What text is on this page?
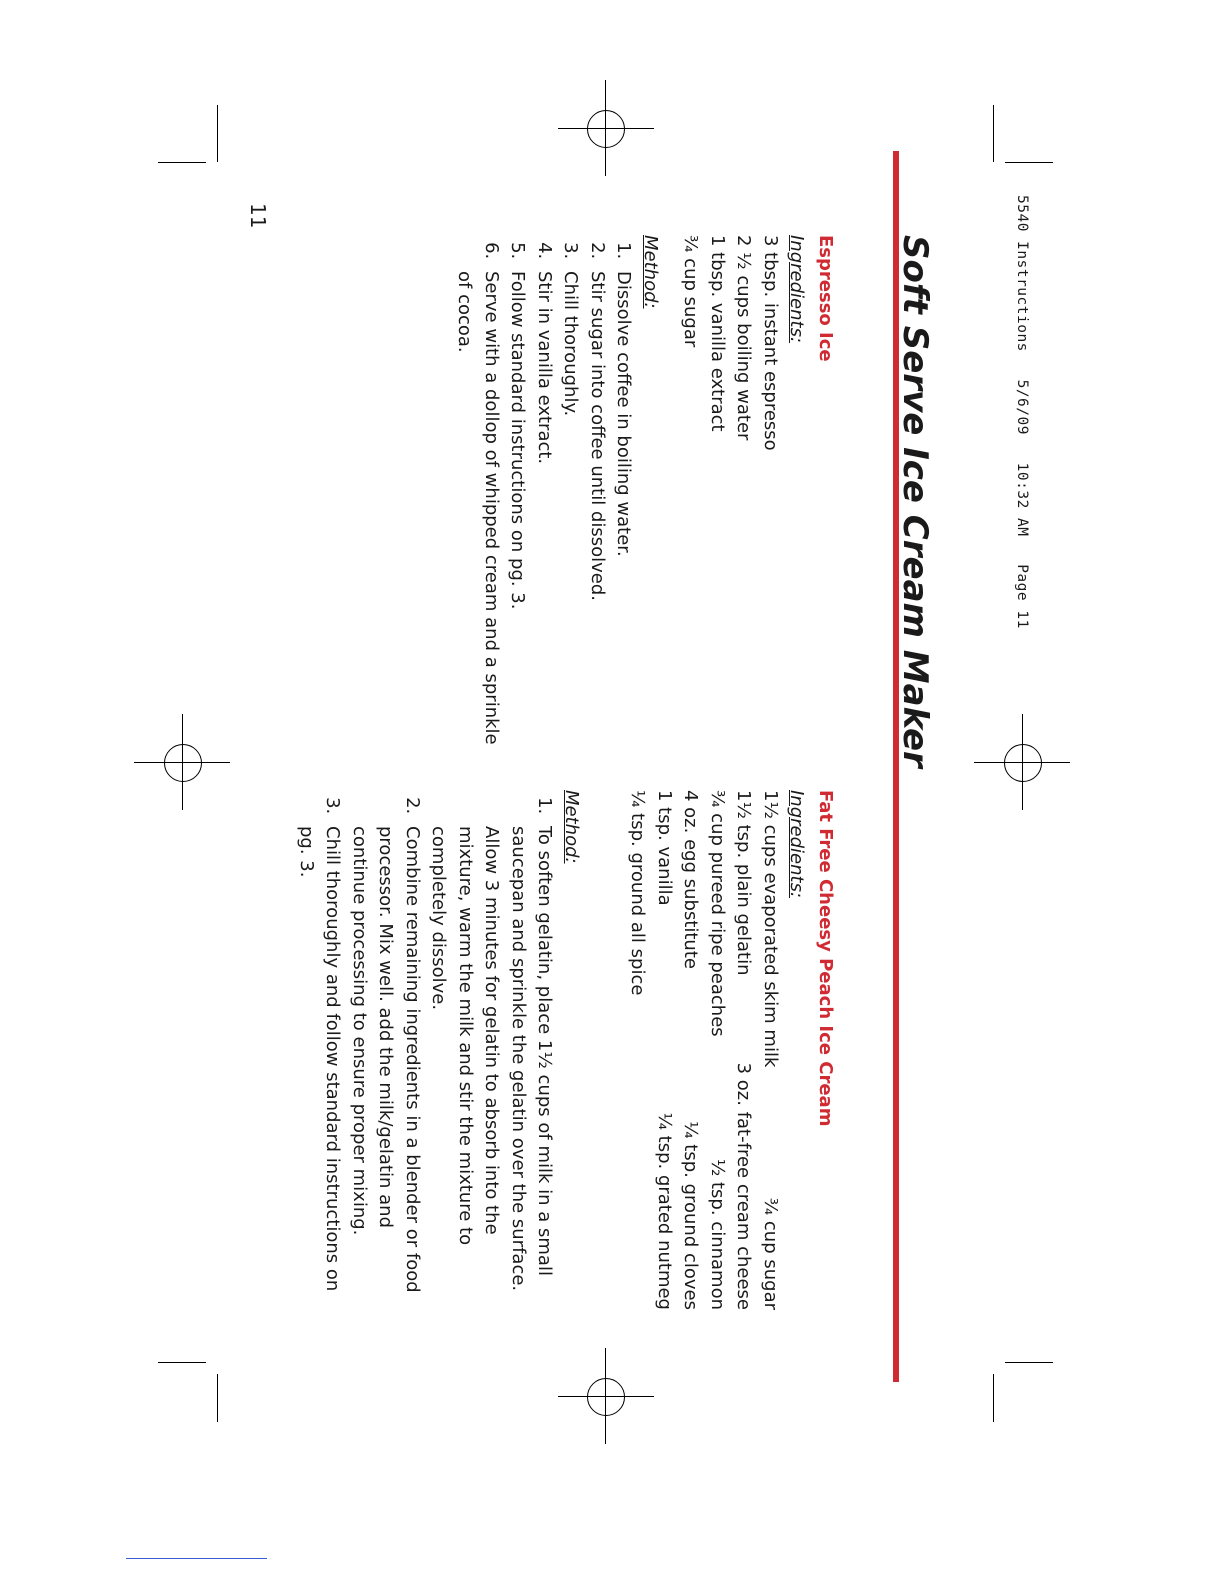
5540 Instructions   5/6/09   10:32 AM   Page 11
11
Soft Serve Ice Cream Maker
Espresso Ice
Ingredients:
3 tbsp. instant espresso
2 ½ cups boiling water
1 tbsp. vanilla extract
¾ cup sugar
Method:
1. Dissolve coffee in boiling water.
2. Stir sugar into coffee until dissolved.
3. Chill thoroughly.
4. Stir in vanilla extract.
5. Follow standard instructions on pg. 3.
6. Serve with a dollop of whipped cream and a sprinkle of cocoa.
Fat Free Cheesy Peach Ice Cream
Ingredients:
1½ cups evaporated skim milk
¾ cup sugar
1½ tsp. plain gelatin
3 oz. fat-free cream cheese
¾ cup pureed ripe peaches
½ tsp. cinnamon
4 oz. egg substitute
¼ tsp. ground cloves
1 tsp. vanilla
¼ tsp. grated nutmeg
¼ tsp. ground all spice
Method:
1. To soften gelatin, place 1½ cups of milk in a small saucepan and sprinkle the gelatin over the surface. Allow 3 minutes for gelatin to absorb into the mixture, warm the milk and stir the mixture to completely dissolve.
2. Combine remaining ingredients in a blender or food processor. Mix well. add the milk/gelatin and continue processing to ensure proper mixing.
3. Chill thoroughly and follow standard instructions on pg. 3.
